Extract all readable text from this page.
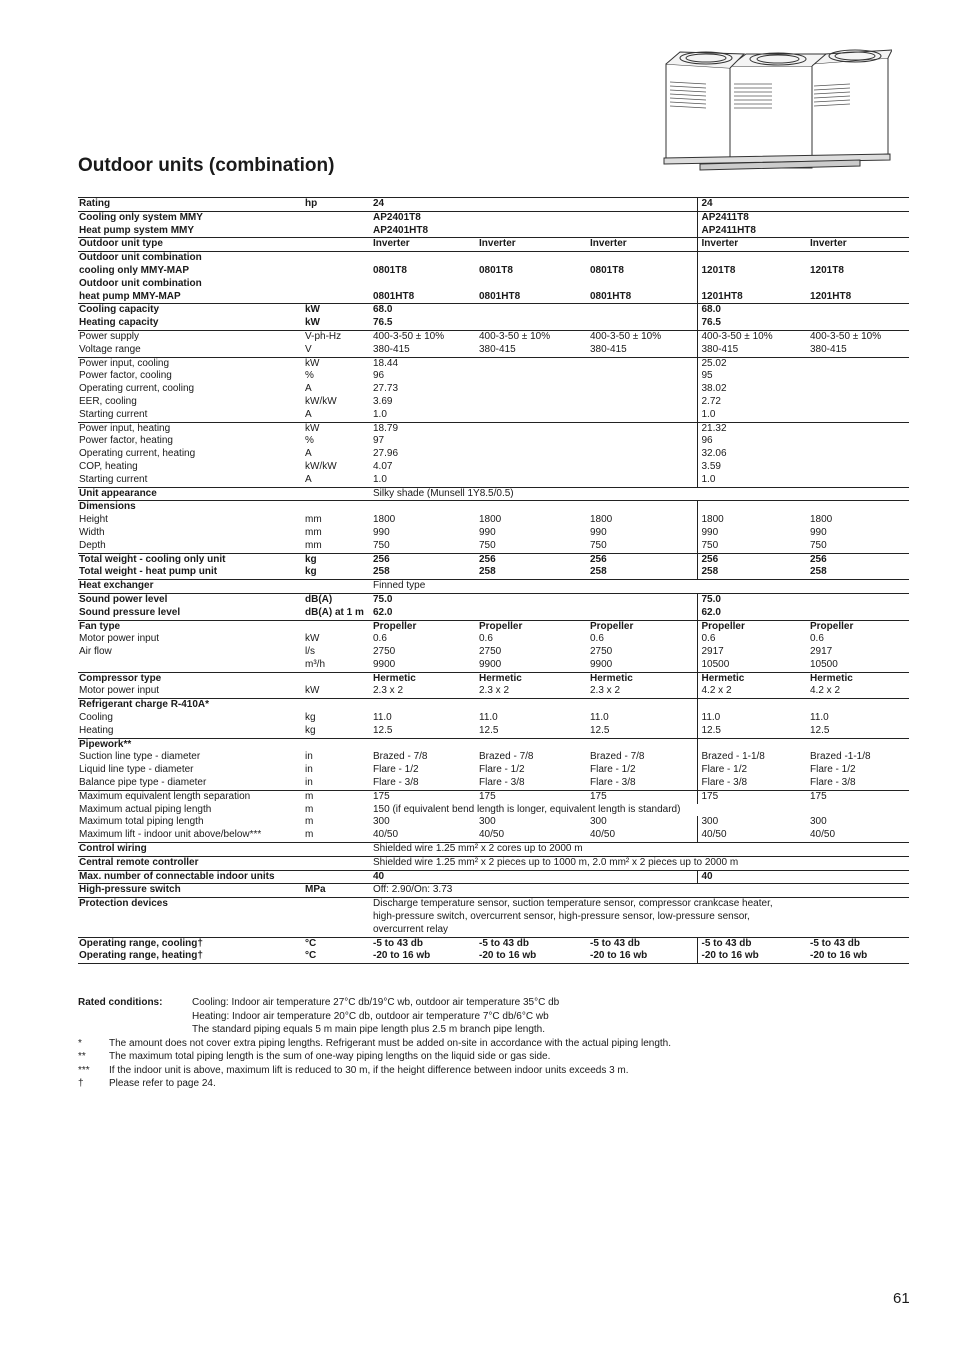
Outdoor units (combination)
Rating	hp	24			24	
Cooling only system MMY		AP2401T8			AP2411T8	
Heat pump system MMY		AP2401HT8			AP2411HT8	
Outdoor unit type		Inverter	Inverter	Inverter	Inverter	Inverter
Outdoor unit combination						
cooling only MMY-MAP		0801T8	0801T8	0801T8	1201T8	1201T8
Outdoor unit combination						
heat pump MMY-MAP		0801HT8	0801HT8	0801HT8	1201HT8	1201HT8
Cooling capacity	kW	68.0			68.0	
Heating capacity	kW	76.5			76.5	
Power supply	V-ph-Hz	400-3-50 ± 10%	400-3-50 ± 10%	400-3-50 ± 10%	400-3-50 ± 10%	400-3-50 ± 10%
Voltage range	V	380-415	380-415	380-415	380-415	380-415
Power input, cooling	kW	18.44			25.02	
Power factor, cooling	%	96			95	
Operating current, cooling	A	27.73			38.02	
EER, cooling	kW/kW	3.69			2.72	
Starting current	A	1.0			1.0	
Power input, heating	kW	18.79			21.32	
Power factor, heating	%	97			96	
Operating current, heating	A	27.96			32.06	
COP, heating	kW/kW	4.07			3.59	
Starting current	A	1.0			1.0	
Unit appearance		Silky shade (Munsell 1Y8.5/0.5)				
Dimensions						
Height	mm	1800	1800	1800	1800	1800
Width	mm	990	990	990	990	990
Depth	mm	750	750	750	750	750
Total weight - cooling only unit	kg	256	256	256	256	256
Total weight - heat pump unit	kg	258	258	258	258	258
Heat exchanger		Finned type				
Sound power level	dB(A)	75.0			75.0	
Sound pressure level	dB(A) at 1 m	62.0			62.0	
Fan type		Propeller	Propeller	Propeller	Propeller	Propeller
Motor power input	kW	0.6	0.6	0.6	0.6	0.6
Air flow	l/s	2750	2750	2750	2917	2917
	m³/h	9900	9900	9900	10500	10500
Compressor type		Hermetic	Hermetic	Hermetic	Hermetic	Hermetic
Motor power input	kW	2.3 x 2	2.3 x 2	2.3 x 2	4.2 x 2	4.2 x 2
Refrigerant charge R-410A*						
Cooling	kg	11.0	11.0	11.0	11.0	11.0
Heating	kg	12.5	12.5	12.5	12.5	12.5
Pipework**						
Suction line type - diameter	in	Brazed - 7/8	Brazed - 7/8	Brazed - 7/8	Brazed - 1-1/8	Brazed -1-1/8
Liquid line type - diameter	in	Flare - 1/2	Flare - 1/2	Flare - 1/2	Flare - 1/2	Flare - 1/2
Balance pipe type - diameter	in	Flare - 3/8	Flare - 3/8	Flare - 3/8	Flare - 3/8	Flare - 3/8
Maximum equivalent length separation	m	175	175	175	175	175
Maximum actual piping length	m	150 (if equivalent bend length is longer, equivalent length is standard)				
Maximum total piping length	m	300	300	300	300	300
Maximum lift - indoor unit above/below***	m	40/50	40/50	40/50	40/50	40/50
Control wiring		Shielded wire 1.25 mm² x 2 cores up to 2000 m				
Central remote controller		Shielded wire 1.25 mm² x 2 pieces up to 1000 m, 2.0 mm² x 2 pieces up to 2000 m				
Max. number of connectable indoor units		40			40	
High-pressure switch	MPa	Off: 2.90/On: 3.73				
Protection devices		Discharge temperature sensor, suction temperature sensor, compressor crankcase heater,				
		high-pressure switch, overcurrent sensor, high-pressure sensor, low-pressure sensor,				
		overcurrent relay				
Operating range, cooling†	°C	-5 to 43 db	-5 to 43 db	-5 to 43 db	-5 to 43 db	-5 to 43 db
Operating range, heating†	°C	-20 to 16 wb	-20 to 16 wb	-20 to 16 wb	-20 to 16 wb	-20 to 16 wb
Rated conditions:	Cooling: Indoor air temperature 27°C db/19°C wb, outdoor air temperature 35°C db
Heating: Indoor air temperature 20°C db, outdoor air temperature 7°C db/6°C wb
The standard piping equals 5 m main pipe length plus 2.5 m branch pipe length.
*	The amount does not cover extra piping lengths. Refrigerant must be added on-site in accordance with the actual piping length.
**	The maximum total piping length is the sum of one-way piping lengths on the liquid side or gas side.
***	If the indoor unit is above, maximum lift is reduced to 30 m, if the height difference between indoor units exceeds 3 m.
†	Please refer to page 24.
61
